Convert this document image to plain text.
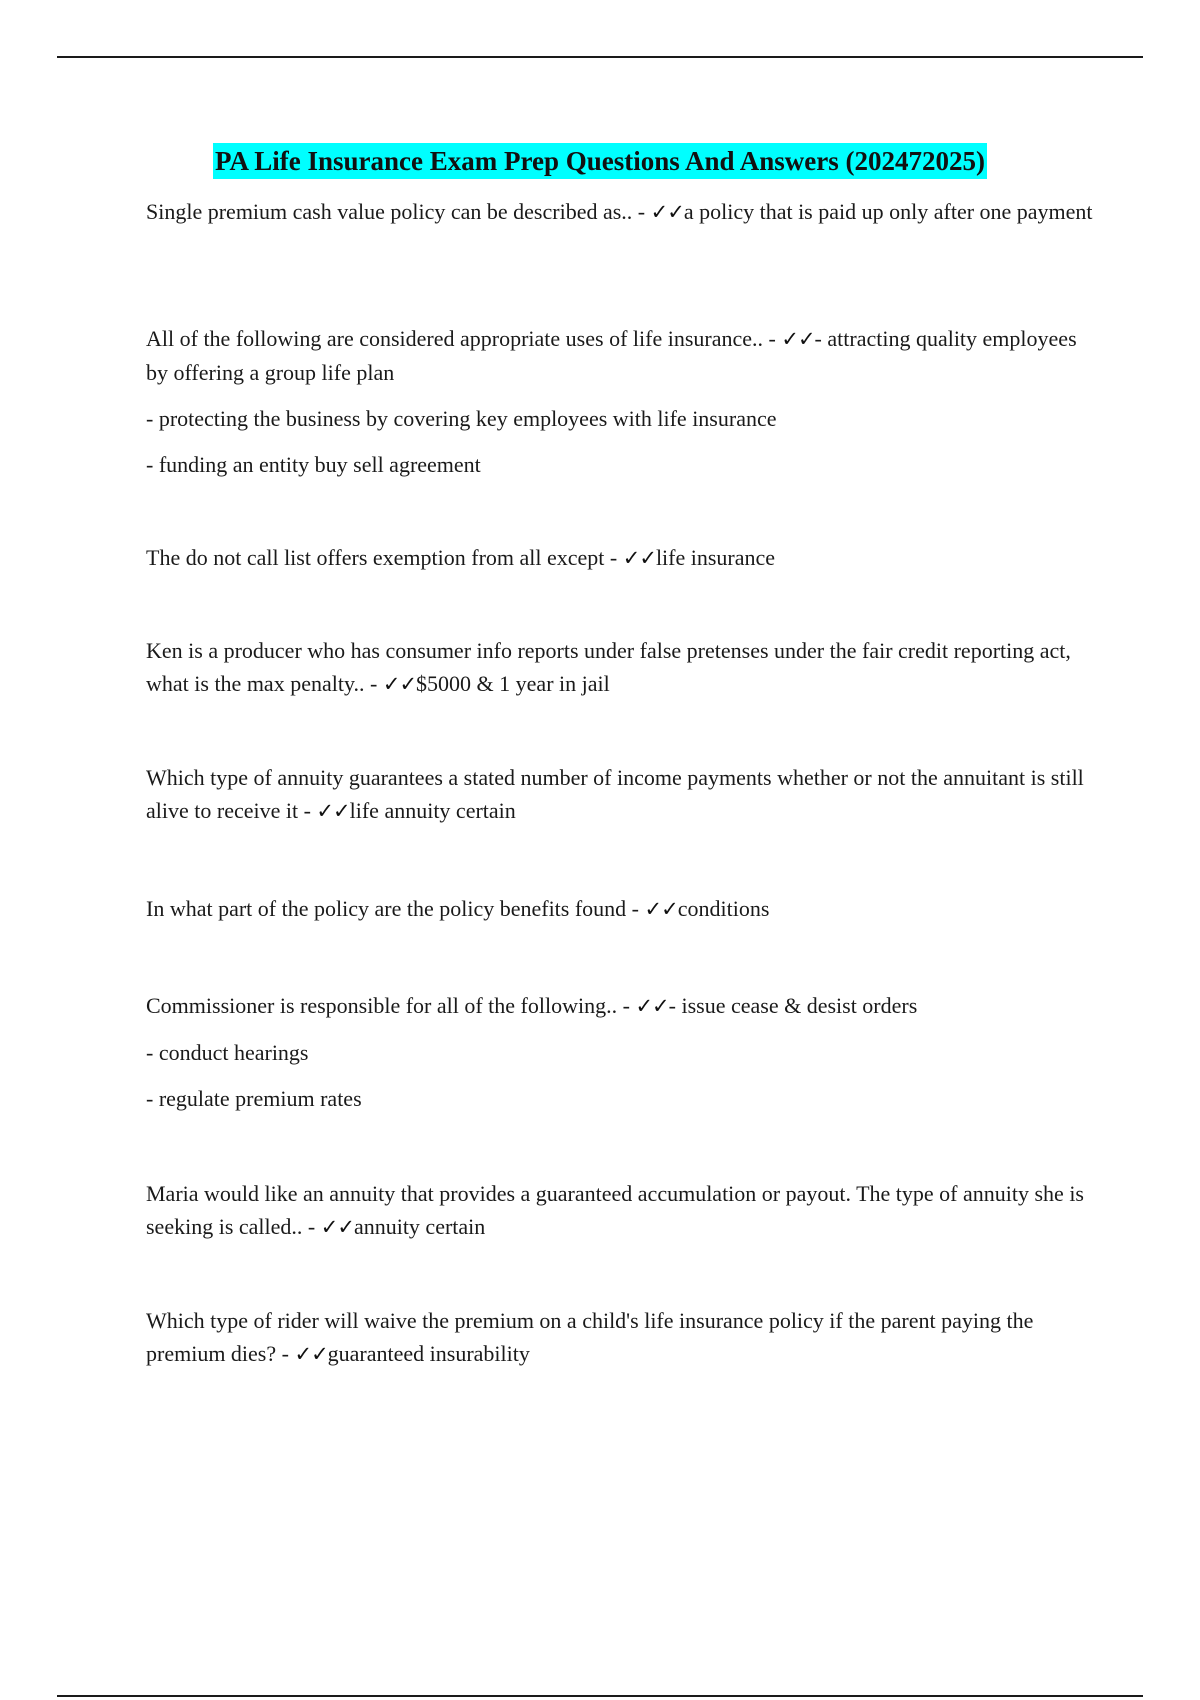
PA Life Insurance Exam Prep Questions And Answers (202472025)

Single premium cash value policy can be described as.. - ✓✓a policy that is paid up only after one payment

All of the following are considered appropriate uses of life insurance.. - ✓✓- attracting quality employees by offering a group life plan

- protecting the business by covering key employees with life insurance

- funding an entity buy sell agreement

The do not call list offers exemption from all except - ✓✓life insurance

Ken is a producer who has consumer info reports under false pretenses under the fair credit reporting act, what is the max penalty.. - ✓✓$5000 & 1 year in jail

Which type of annuity guarantees a stated number of income payments whether or not the annuitant is still alive to receive it - ✓✓life annuity certain

In what part of the policy are the policy benefits found - ✓✓conditions

Commissioner is responsible for all of the following.. - ✓✓- issue cease & desist orders

- conduct hearings

- regulate premium rates

Maria would like an annuity that provides a guaranteed accumulation or payout. The type of annuity she is seeking is called.. - ✓✓annuity certain

Which type of rider will waive the premium on a child's life insurance policy if the parent paying the premium dies? - ✓✓guaranteed insurability
